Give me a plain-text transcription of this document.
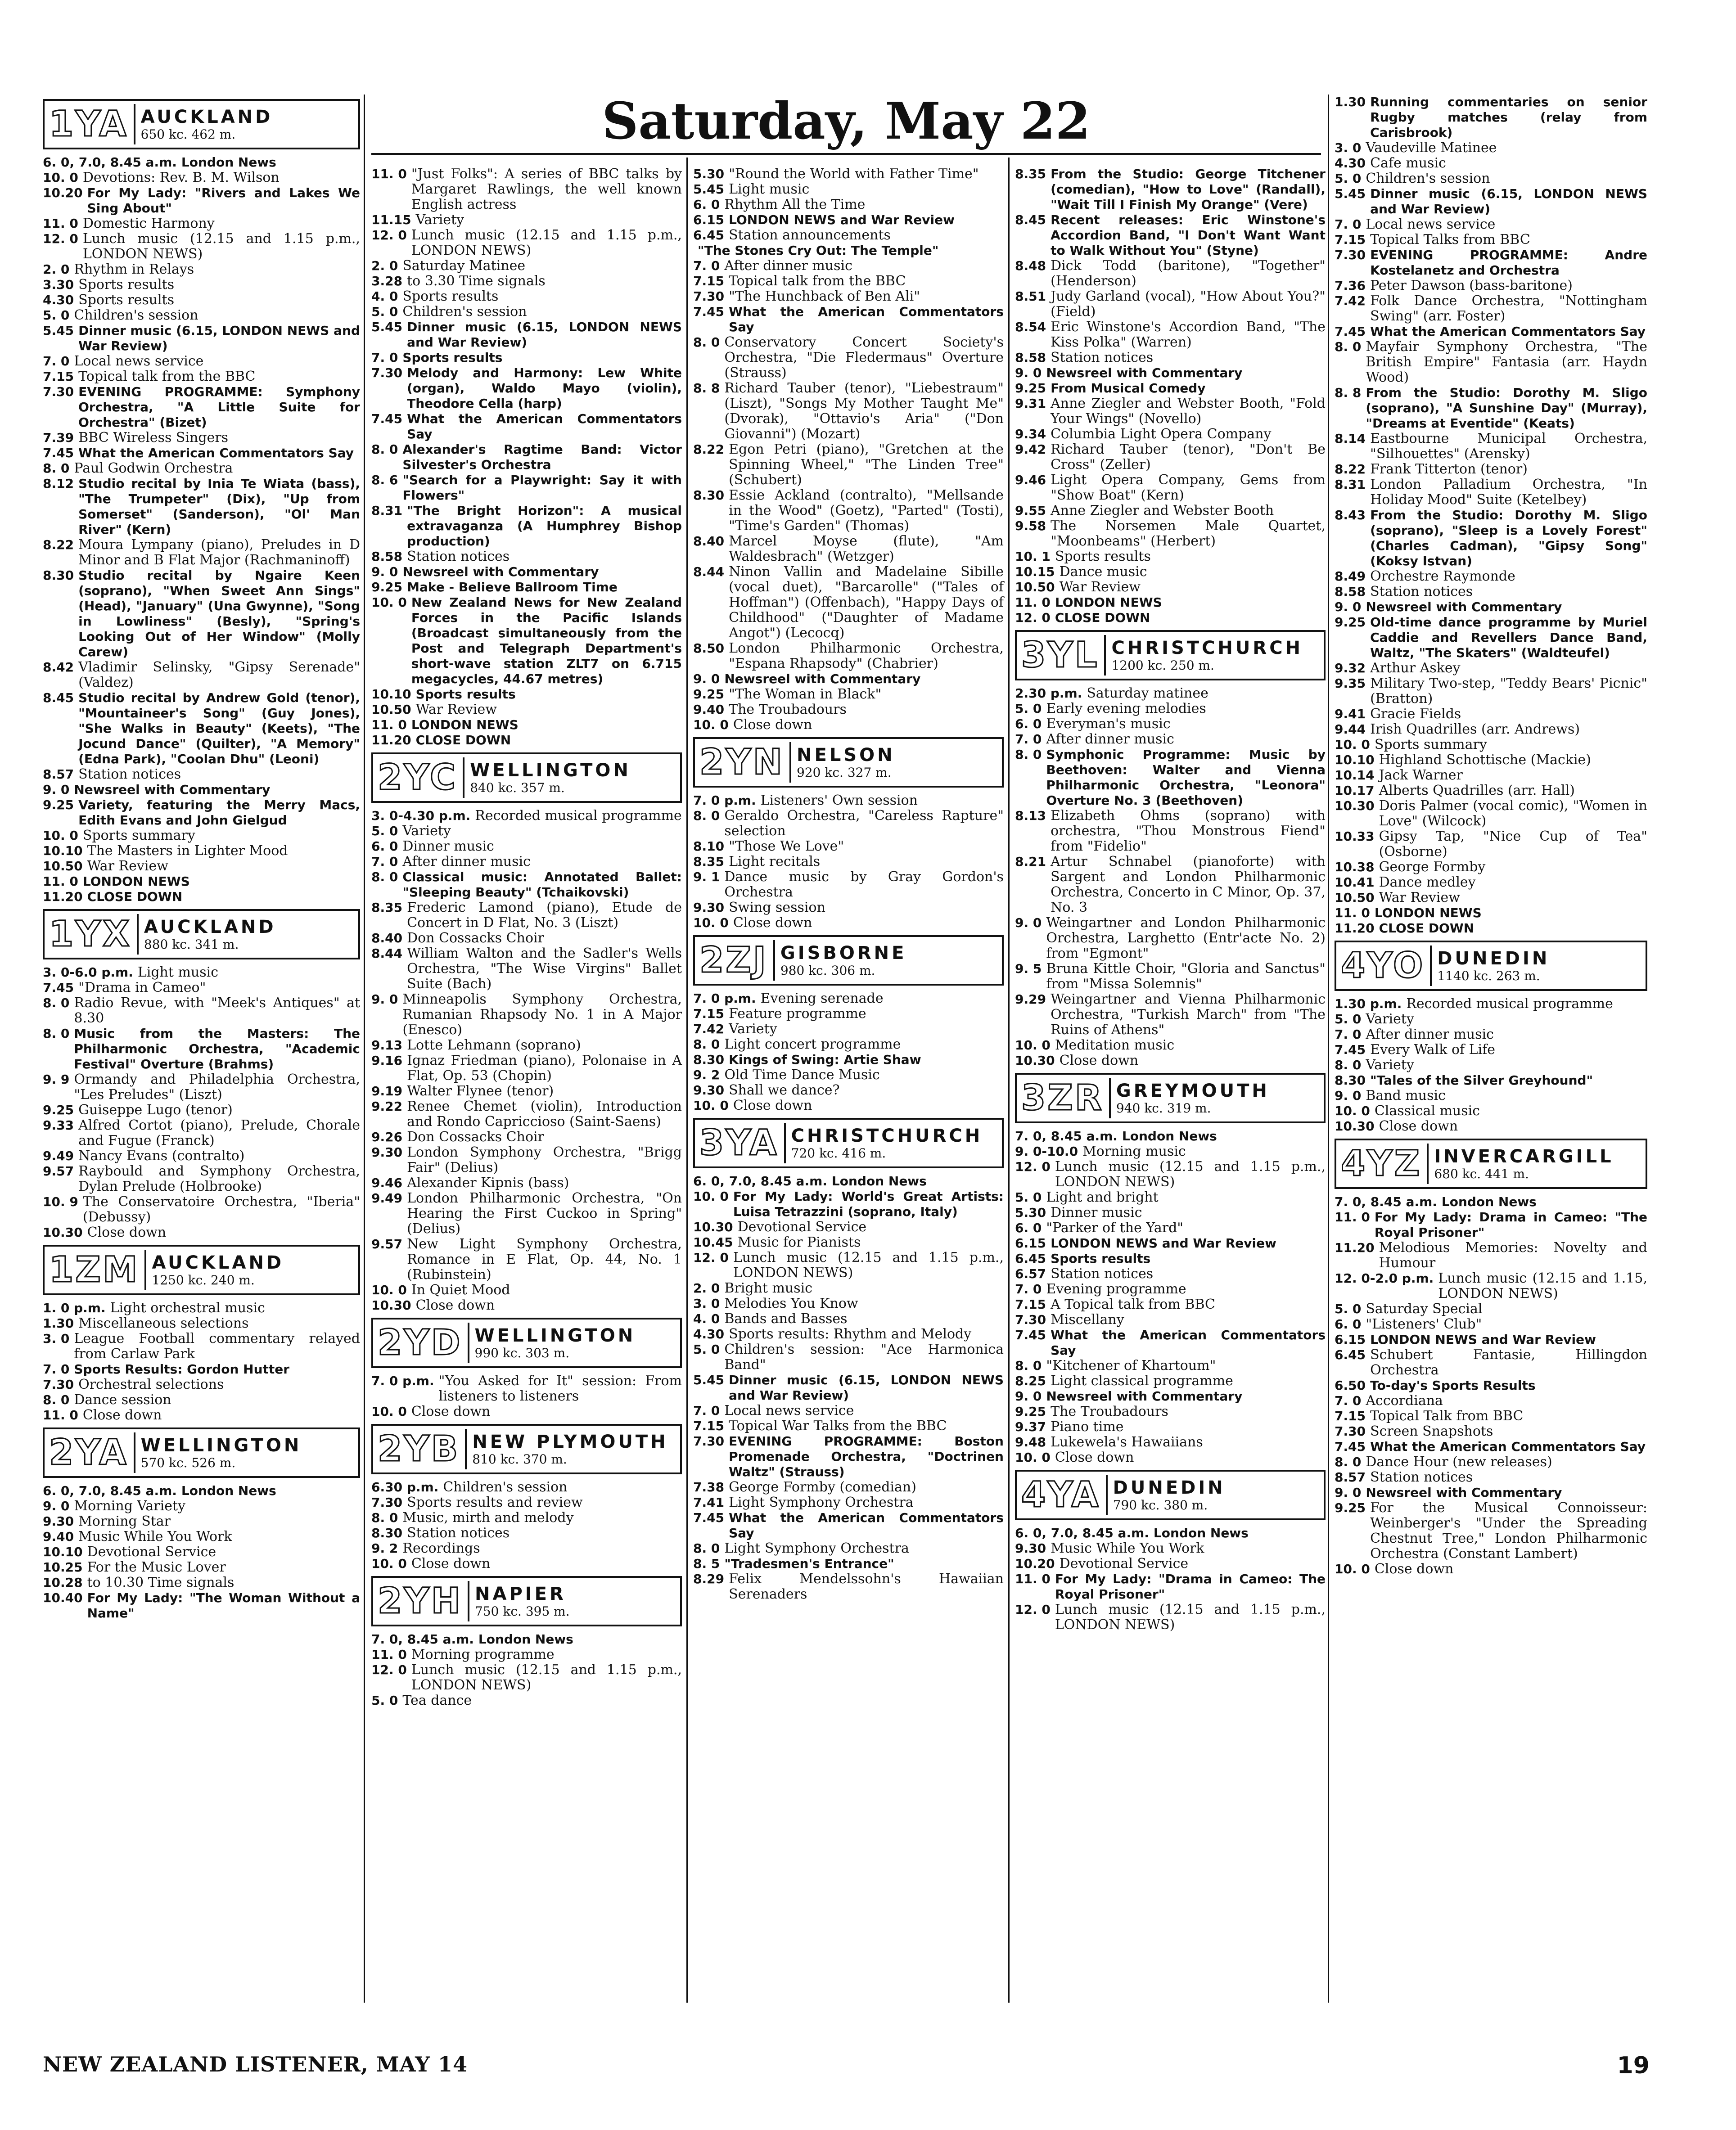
Saturday, May 22
1YA AUCKLAND
650 kc. 462 m.
6. 0, 7.0, 8.45 a.m. London News
10. 0 Devotions: Rev. B. M. Wilson
10.20 For My Lady: "Rivers and Lakes We Sing About"
11. 0 Domestic Harmony
12. 0 Lunch music (12.15 and 1.15 p.m., LONDON NEWS)
2. 0 Rhythm in Relays
3.30 Sports results
4.30 Sports results
5. 0 Children's session
5.45 Dinner music (6.15, LONDON NEWS and War Review)
7. 0 Local news service
7.15 Topical talk from the BBC
7.30 EVENING PROGRAMME: Symphony Orchestra, "A Little Suite for Orchestra" (Bizet)
7.39 BBC Wireless Singers
7.45 What the American Commentators Say
8. 0 Paul Godwin Orchestra
8.12 Studio recital by Inia Te Wiata (bass), "The Trumpeter" (Dix), "Up from Somerset" (Sanderson), "Ol' Man River" (Kern)
8.22 Moura Lympany (piano), Preludes in D Minor and B Flat Major (Rachmaninoff)
8.30 Studio recital by Ngaire Keen (soprano), "When Sweet Ann Sings" (Head), "January" (Una Gwynne), "Song in Lowliness" (Besly), "Spring's Looking Out of Her Window" (Molly Carew)
8.42 Vladimir Selinsky, "Gipsy Serenade" (Valdez)
8.45 Studio recital by Andrew Gold (tenor), "Mountaineer's Song" (Guy Jones), "She Walks in Beauty" (Keets), "The Jocund Dance" (Quilter), "A Memory" (Edna Park), "Coolan Dhu" (Leoni)
8.57 Station notices
9. 0 Newsreel with Commentary
9.25 Variety, featuring the Merry Macs, Edith Evans and John Gielgud
10. 0 Sports summary
10.10 The Masters in Lighter Mood
10.50 War Review
11. 0 LONDON NEWS
11.20 CLOSE DOWN
1YX AUCKLAND
880 kc. 341 m.
3. 0-6.0 p.m. Light music
7.45 "Drama in Cameo"
8. 0 Radio Revue, with "Meek's Antiques" at 8.30
8. 0 Music from the Masters: The Philharmonic Orchestra, "Academic Festival" Overture (Brahms)
9. 9 Ormandy and Philadelphia Orchestra, "Les Preludes" (Liszt)
9.25 Guiseppe Lugo (tenor)
9.33 Alfred Cortot (piano), Prelude, Chorale and Fugue (Franck)
9.49 Nancy Evans (contralto)
9.57 Raybould and Symphony Orchestra, Dylan Prelude (Holbrooke)
10. 9 The Conservatoire Orchestra, "Iberia" (Debussy)
10.30 Close down
1ZM AUCKLAND
1250 kc. 240 m.
1. 0 p.m. Light orchestral music
1.30 Miscellaneous selections
3. 0 League Football commentary relayed from Carlaw Park
7. 0 Sports Results: Gordon Hutter
7.30 Orchestral selections
8. 0 Dance session
11. 0 Close down
2YA WELLINGTON
570 kc. 526 m.
6. 0, 7.0, 8.45 a.m. London News
9. 0 Morning Variety
9.30 Morning Star
9.40 Music While You Work
10.10 Devotional Service
10.25 For the Music Lover
10.28 to 10.30 Time signals
10.40 For My Lady: "The Woman Without a Name"
11. 0 "Just Folks": A series of BBC talks by Margaret Rawlings, the well known English actress
11.15 Variety
12. 0 Lunch music (12.15 and 1.15 p.m., LONDON NEWS)
2. 0 Saturday Matinee
3.28 to 3.30 Time signals
4. 0 Sports results
5. 0 Children's session
5.45 Dinner music (6.15, LONDON NEWS and War Review)
7. 0 Sports results
7.30 Melody and Harmony: Lew White (organ), Waldo Mayo (violin), Theodore Cella (harp)
7.45 What the American Commentators Say
8. 0 Alexander's Ragtime Band: Victor Silvester's Orchestra
8. 6 "Search for a Playwright: Say it with Flowers"
8.31 "The Bright Horizon": A musical extravaganza (A Humphrey Bishop production)
8.58 Station notices
9. 0 Newsreel with Commentary
9.25 Make - Believe Ballroom Time
10. 0 New Zealand News for New Zealand Forces in the Pacific Islands (Broadcast simultaneously from the Post and Telegraph Department's short-wave station ZLT7 on 6.715 megacycles, 44.67 metres)
10.10 Sports results
10.50 War Review
11. 0 LONDON NEWS
11.20 CLOSE DOWN
2YC WELLINGTON
840 kc. 357 m.
3. 0-4.30 p.m. Recorded musical programme
5. 0 Variety
6. 0 Dinner music
7. 0 After dinner music
8. 0 Classical music: Annotated Ballet: "Sleeping Beauty" (Tchaikovski)
8.35 Frederic Lamond (piano), Etude de Concert in D Flat, No. 3 (Liszt)
8.40 Don Cossacks Choir
8.44 William Walton and the Sadler's Wells Orchestra, "The Wise Virgins" Ballet Suite (Bach)
9. 0 Minneapolis Symphony Orchestra, Rumanian Rhapsody No. 1 in A Major (Enesco)
9.13 Lotte Lehmann (soprano)
9.16 Ignaz Friedman (piano), Polonaise in A Flat, Op. 53 (Chopin)
9.19 Walter Flynee (tenor)
9.22 Renee Chemet (violin), Introduction and Rondo Capriccioso (Saint-Saens)
9.26 Don Cossacks Choir
9.30 London Symphony Orchestra, "Brigg Fair" (Delius)
9.46 Alexander Kipnis (bass)
9.49 London Philharmonic Orchestra, "On Hearing the First Cuckoo in Spring" (Delius)
9.57 New Light Symphony Orchestra, Romance in E Flat, Op. 44, No. 1 (Rubinstein)
10. 0 In Quiet Mood
10.30 Close down
2YD WELLINGTON
990 kc. 303 m.
7. 0 p.m. "You Asked for It" session: From listeners to listeners
10. 0 Close down
2YB NEW PLYMOUTH
810 kc. 370 m.
6.30 p.m. Children's session
7.30 Sports results and review
8. 0 Music, mirth and melody
8.30 Station notices
9. 2 Recordings
10. 0 Close down
2YH NAPIER
750 kc. 395 m.
7. 0, 8.45 a.m. London News
11. 0 Morning programme
12. 0 Lunch music (12.15 and 1.15 p.m., LONDON NEWS)
5. 0 Tea dance
5.30 "Round the World with Father Time"
5.45 Light music
6. 0 Rhythm All the Time
6.15 LONDON NEWS and War Review
6.45 Station announcements
"The Stones Cry Out: The Temple"
7. 0 After dinner music
7.15 Topical talk from the BBC
7.30 "The Hunchback of Ben Ali"
7.45 What the American Commentators Say
8. 0 Conservatory Concert Society's Orchestra, "Die Fledermaus" Overture (Strauss)
8. 8 Richard Tauber (tenor), "Liebestraum" (Liszt), "Songs My Mother Taught Me" (Dvorak), "Ottavio's Aria" ("Don Giovanni") (Mozart)
8.22 Egon Petri (piano), "Gretchen at the Spinning Wheel," "The Linden Tree" (Schubert)
8.30 Essie Ackland (contralto), "Mellsande in the Wood" (Goetz), "Parted" (Tosti), "Time's Garden" (Thomas)
8.40 Marcel Moyse (flute), "Am Waldesbrach" (Wetzger)
8.44 Ninon Vallin and Madelaine Sibille (vocal duet), "Barcarolle" ("Tales of Hoffman") (Offenbach), "Happy Days of Childhood" ("Daughter of Madame Angot") (Lecocq)
8.50 London Philharmonic Orchestra, "Espana Rhapsody" (Chabrier)
9. 0 Newsreel with Commentary
9.25 "The Woman in Black"
9.40 The Troubadours
10. 0 Close down
2YN NELSON
920 kc. 327 m.
7. 0 p.m. Listeners' Own session
8. 0 Geraldo Orchestra, "Careless Rapture" selection
8.10 "Those We Love"
8.35 Light recitals
9. 1 Dance music by Gray Gordon's Orchestra
9.30 Swing session
10. 0 Close down
2ZJ GISBORNE
980 kc. 306 m.
7. 0 p.m. Evening serenade
7.15 Feature programme
7.42 Variety
8. 0 Light concert programme
8.30 Kings of Swing: Artie Shaw
9. 2 Old Time Dance Music
9.30 Shall we dance?
10. 0 Close down
3YA CHRISTCHURCH
720 kc. 416 m.
6. 0, 7.0, 8.45 a.m. London News
10. 0 For My Lady: World's Great Artists: Luisa Tetrazzini (soprano, Italy)
10.30 Devotional Service
10.45 Music for Pianists
12. 0 Lunch music (12.15 and 1.15 p.m., LONDON NEWS)
2. 0 Bright music
3. 0 Melodies You Know
4. 0 Bands and Basses
4.30 Sports results: Rhythm and Melody
5. 0 Children's session: "Ace Harmonica Band"
5.45 Dinner music (6.15, LONDON NEWS and War Review)
7. 0 Local news service
7.15 Topical War Talks from the BBC
7.30 EVENING PROGRAMME: Boston Promenade Orchestra, "Doctrinen Waltz" (Strauss)
7.38 George Formby (comedian)
7.41 Light Symphony Orchestra
7.45 What the American Commentators Say
8. 0 Light Symphony Orchestra
8. 5 "Tradesmen's Entrance"
8.29 Felix Mendelssohn's Hawaiian Serenaders
8.35 From the Studio: George Titchener (comedian), "How to Love" (Randall), "Wait Till I Finish My Orange" (Vere)
8.45 Recent releases: Eric Winstone's Accordion Band, "I Don't Want Want to Walk Without You" (Styne)
8.48 Dick Todd (baritone), "Together" (Henderson)
8.51 Judy Garland (vocal), "How About You?" (Field)
8.54 Eric Winstone's Accordion Band, "The Kiss Polka" (Warren)
8.58 Station notices
9. 0 Newsreel with Commentary
9.25 From Musical Comedy
9.31 Anne Ziegler and Webster Booth, "Fold Your Wings" (Novello)
9.34 Columbia Light Opera Company
9.42 Richard Tauber (tenor), "Don't Be Cross" (Zeller)
9.46 Light Opera Company, Gems from "Show Boat" (Kern)
9.55 Anne Ziegler and Webster Booth
9.58 The Norsemen Male Quartet, "Moonbeams" (Herbert)
10. 1 Sports results
10.15 Dance music
10.50 War Review
11. 0 LONDON NEWS
12. 0 CLOSE DOWN
3YL CHRISTCHURCH
1200 kc. 250 m.
2.30 p.m. Saturday matinee
5. 0 Early evening melodies
6. 0 Everyman's music
7. 0 After dinner music
8. 0 Symphonic Programme: Music by Beethoven: Walter and Vienna Philharmonic Orchestra, "Leonora" Overture No. 3 (Beethoven)
8.13 Elizabeth Ohms (soprano) with orchestra, "Thou Monstrous Fiend" from "Fidelio"
8.21 Artur Schnabel (pianoforte) with Sargent and London Philharmonic Orchestra, Concerto in C Minor, Op. 37, No. 3
9. 0 Weingartner and London Philharmonic Orchestra, Larghetto (Entr'acte No. 2) from "Egmont"
9. 5 Bruna Kittle Choir, "Gloria and Sanctus" from "Missa Solemnis"
9.29 Weingartner and Vienna Philharmonic Orchestra, "Turkish March" from "The Ruins of Athens"
10. 0 Meditation music
10.30 Close down
3ZR GREYMOUTH
940 kc. 319 m.
7. 0, 8.45 a.m. London News
9. 0-10.0 Morning music
12. 0 Lunch music (12.15 and 1.15 p.m., LONDON NEWS)
5. 0 Light and bright
5.30 Dinner music
6. 0 "Parker of the Yard"
6.15 LONDON NEWS and War Review
6.45 Sports results
6.57 Station notices
7. 0 Evening programme
7.15 A Topical talk from BBC
7.30 Miscellany
7.45 What the American Commentators Say
8. 0 "Kitchener of Khartoum"
8.25 Light classical programme
9. 0 Newsreel with Commentary
9.25 The Troubadours
9.37 Piano time
9.48 Lukewela's Hawaiians
10. 0 Close down
4YA DUNEDIN
790 kc. 380 m.
6. 0, 7.0, 8.45 a.m. London News
9.30 Music While You Work
10.20 Devotional Service
11. 0 For My Lady: "Drama in Cameo: The Royal Prisoner"
12. 0 Lunch music (12.15 and 1.15 p.m., LONDON NEWS)
1.30 Running commentaries on senior Rugby matches (relay from Carisbrook)
3. 0 Vaudeville Matinee
4.30 Cafe music
5. 0 Children's session
5.45 Dinner music (6.15, LONDON NEWS and War Review)
7. 0 Local news service
7.15 Topical Talks from BBC
7.30 EVENING PROGRAMME: Andre Kostelanetz and Orchestra
7.36 Peter Dawson (bass-baritone)
7.42 Folk Dance Orchestra, "Nottingham Swing" (arr. Foster)
7.45 What the American Commentators Say
8. 0 Mayfair Symphony Orchestra, "The British Empire" Fantasia (arr. Haydn Wood)
8. 8 From the Studio: Dorothy M. Sligo (soprano), "A Sunshine Day" (Murray), "Dreams at Eventide" (Keats)
8.14 Eastbourne Municipal Orchestra, "Silhouettes" (Arensky)
8.22 Frank Titterton (tenor)
8.31 London Palladium Orchestra, "In Holiday Mood" Suite (Ketelbey)
8.43 From the Studio: Dorothy M. Sligo (soprano), "Sleep is a Lovely Forest" (Charles Cadman), "Gipsy Song" (Koksy Istvan)
8.49 Orchestre Raymonde
8.58 Station notices
9. 0 Newsreel with Commentary
9.25 Old-time dance programme by Muriel Caddie and Revellers Dance Band, Waltz, "The Skaters" (Waldteufel)
9.32 Arthur Askey
9.35 Military Two-step, "Teddy Bears' Picnic" (Bratton)
9.41 Gracie Fields
9.44 Irish Quadrilles (arr. Andrews)
10. 0 Sports summary
10.10 Highland Schottische (Mackie)
10.14 Jack Warner
10.17 Alberts Quadrilles (arr. Hall)
10.30 Doris Palmer (vocal comic), "Women in Love" (Wilcock)
10.33 Gipsy Tap, "Nice Cup of Tea" (Osborne)
10.38 George Formby
10.41 Dance medley
10.50 War Review
11. 0 LONDON NEWS
11.20 CLOSE DOWN
4YO DUNEDIN
1140 kc. 263 m.
1.30 p.m. Recorded musical programme
5. 0 Variety
7. 0 After dinner music
7.45 Every Walk of Life
8. 0 Variety
8.30 "Tales of the Silver Greyhound"
9. 0 Band music
10. 0 Classical music
10.30 Close down
4YZ INVERCARGILL
680 kc. 441 m.
7. 0, 8.45 a.m. London News
11. 0 For My Lady: Drama in Cameo: "The Royal Prisoner"
11.20 Melodious Memories: Novelty and Humour
12. 0-2.0 p.m. Lunch music (12.15 and 1.15, LONDON NEWS)
5. 0 Saturday Special
6. 0 "Listeners' Club"
6.15 LONDON NEWS and War Review
6.45 Schubert Fantasie, Hillingdon Orchestra
6.50 To-day's Sports Results
7. 0 Accordiana
7.15 Topical Talk from BBC
7.30 Screen Snapshots
7.45 What the American Commentators Say
8. 0 Dance Hour (new releases)
8.57 Station notices
9. 0 Newsreel with Commentary
9.25 For the Musical Connoisseur: Weinberger's "Under the Spreading Chestnut Tree," London Philharmonic Orchestra (Constant Lambert)
10. 0 Close down
NEW ZEALAND LISTENER, MAY 14	19
